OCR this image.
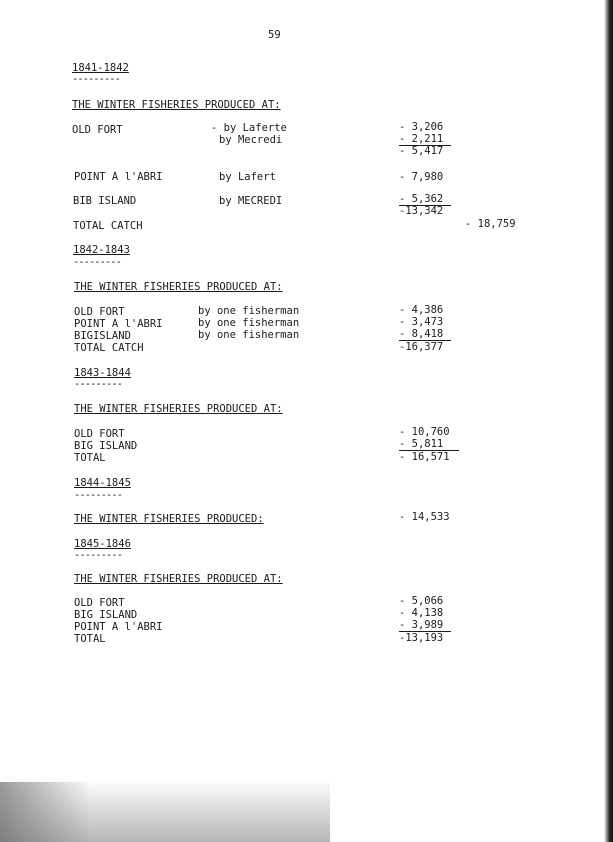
59
1841-1842
---------
THE WINTER FISHERIES PRODUCED AT:
OLD FORT	- by Laferte	- 3,206
by Mecredi	- 2,211
- 5,417
POINT A l'ABRI	by Lafert	- 7,980
BIB ISLAND	by MECREDI	- 5,362
-13,342
TOTAL CATCH	- 18,759
1842-1843
---------
THE WINTER FISHERIES PRODUCED AT:
OLD FORT	by one fisherman	- 4,386
POINT A l'ABRI	by one fisherman	- 3,473
BIGISLAND	by one fisherman	- 8,418
TOTAL CATCH	-16,377
1843-1844
---------
THE WINTER FISHERIES PRODUCED AT:
OLD FORT	- 10,760
BIG ISLAND	- 5,811
TOTAL	- 16,571
1844-1845
---------
THE WINTER FISHERIES PRODUCED:	- 14,533
1845-1846
---------
THE WINTER FISHERIES PRODUCED AT:
OLD FORT	- 5,066
BIG ISLAND	- 4,138
POINT A l'ABRI	- 3,989
TOTAL	-13,193
